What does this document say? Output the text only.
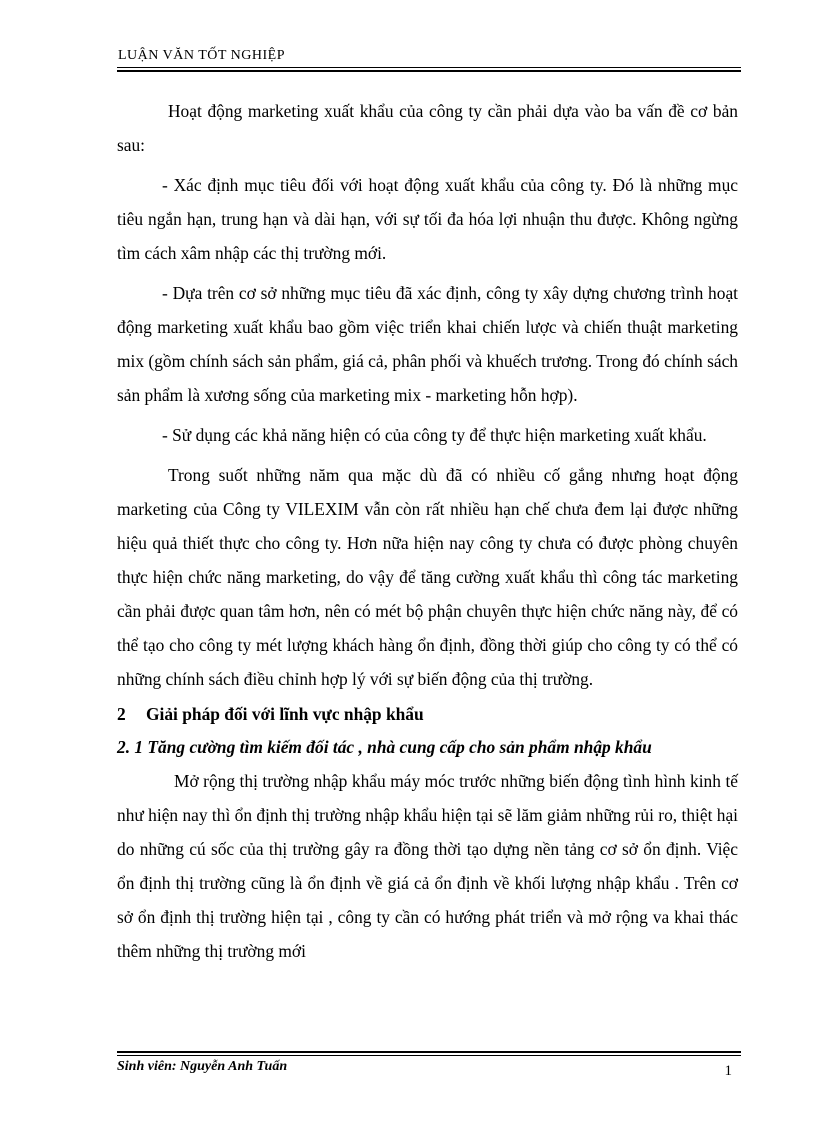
LUẬN VĂN TỐT NGHIỆP

Hoạt động marketing xuất khẩu của công ty cần phải dựa vào ba vấn đề cơ bản sau:

- Xác định mục tiêu đối với hoạt động xuất khẩu của công ty. Đó là những mục tiêu ngắn hạn, trung hạn và dài hạn, với sự tối đa hóa lợi nhuận thu được. Không ngừng tìm cách xâm nhập các thị trường mới.

- Dựa trên cơ sở những mục tiêu đã xác định, công ty xây dựng chương trình hoạt động marketing xuất khẩu bao gồm việc triển khai chiến lược và chiến thuật marketing mix (gồm chính sách sản phẩm, giá cả, phân phối và khuếch trương. Trong đó chính sách sản phẩm là xương sống của marketing mix - marketing hỗn hợp).

- Sử dụng các khả năng hiện có của công ty để thực hiện marketing xuất khẩu.

Trong suốt những năm qua mặc dù đã có nhiều cố gắng nhưng hoạt động marketing của Công ty VILEXIM vẫn còn rất nhiều hạn chế chưa đem lại được những hiệu quả thiết thực cho công ty. Hơn nữa hiện nay công ty chưa có được phòng chuyên thực hiện chức năng marketing, do vậy để tăng cường xuất khẩu thì công tác marketing cần phải được quan tâm hơn, nên có mét bộ phận chuyên thực hiện chức năng này, để có thể tạo cho công ty mét lượng khách hàng ổn định, đồng thời giúp cho công ty có thể có những chính sách điều chỉnh hợp lý với sự biến động của thị trường.

2 Giải pháp đối với lĩnh vực nhập khẩu

2. 1 Tăng cường tìm kiếm đối tác , nhà cung cấp cho sản phẩm nhập khẩu

Mở rộng thị trường nhập khẩu máy móc trước những biến động tình hình kinh tế như hiện nay thì ổn định thị trường nhập khẩu hiện tại sẽ lăm giảm những rủi ro, thiệt hại do những cú sốc của thị trường gây ra đồng thời tạo dựng nền tảng cơ sở ổn định. Việc ổn định thị trường cũng là ổn định về giá cả ổn định về khối lượng nhập khẩu . Trên cơ sở ổn định thị trường hiện tại , công ty cần có hướng phát triển và mở rộng va khai thác thêm những thị trường mới

Sinh viên: Nguyễn Anh Tuấn	1
